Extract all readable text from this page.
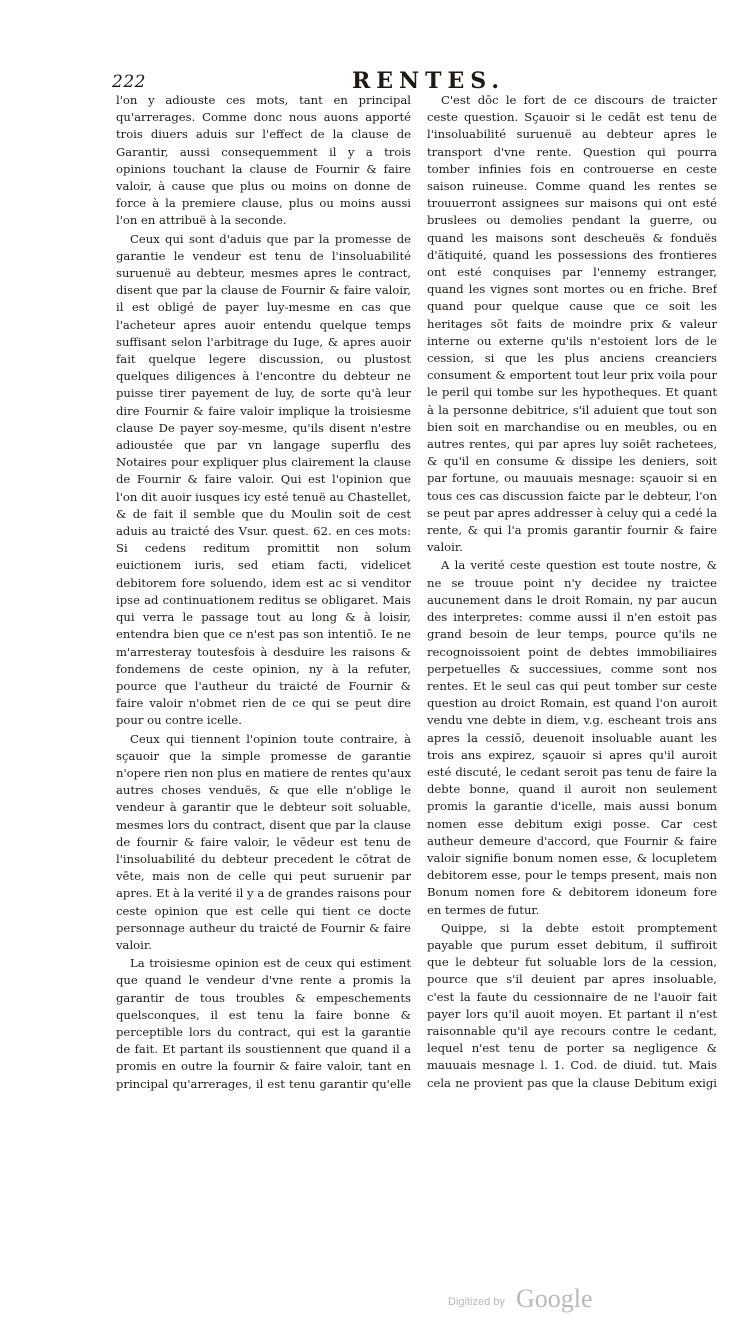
222	RENTES.

l'on y adiouste ces mots, tant en principal qu'arrerages. Comme donc nous auons apporté trois diuers aduis sur l'effect de la clause de Garantir, aussi consequemment il y a trois opinions touchant la clause de Fournir & faire valoir, à cause que plus ou moins on donne de force à la premiere clause, plus ou moins aussi l'on en attribuë à la seconde.

Ceux qui sont d'aduis que par la promesse de garantie le vendeur est tenu de l'insoluabilité suruenuë au debteur, mesmes apres le contract, disent que par la clause de Fournir & faire valoir, il est obligé de payer luy-mesme en cas que l'acheteur apres auoir entendu quelque temps suffisant selon l'arbitrage du Iuge, & apres auoir fait quelque legere discussion, ou plustost quelques diligences à l'encontre du debteur ne puisse tirer payement de luy, de sorte qu'à leur dire Fournir & faire valoir implique la troisiesme clause De payer soy-mesme, qu'ils disent n'estre adioustée que par vn langage superflu des Notaires pour expliquer plus clairement la clause de Fournir & faire valoir. Qui est l'opinion que l'on dit auoir iusques icy esté tenuë au Chastellet, & de fait il semble que du Moulin soit de cest aduis au traicté des Vsur. quest. 62. en ces mots: Si cedens reditum promittit non solum euictionem iuris, sed etiam facti, videlicet debitorem fore soluendo, idem est ac si venditor ipse ad continuationem reditus se obligaret. Mais qui verra le passage tout au long & à loisir, entendra bien que ce n'est pas son intentiō. Ie ne m'arresteray toutesfois à desduire les raisons & fondemens de ceste opinion, ny à la refuter, pource que l'autheur du traicté de Fournir & faire valoir n'obmet rien de ce qui se peut dire pour ou contre icelle.

Ceux qui tiennent l'opinion toute contraire, à sçauoir que la simple promesse de garantie n'opere rien non plus en matiere de rentes qu'aux autres choses venduës, & que elle n'oblige le vendeur à garantir que le debteur soit soluable, mesmes lors du contract, disent que par la clause de fournir & faire valoir, le vēdeur est tenu de l'insoluabilité du debteur precedent le cōtrat de vēte, mais non de celle qui peut suruenir par apres. Et à la verité il y a de grandes raisons pour ceste opinion que est celle qui tient ce docte personnage autheur du traicté de Fournir & faire valoir.

La troisiesme opinion est de ceux qui estiment que quand le vendeur d'vne rente a promis la garantir de tous troubles & empeschements quelsconques, il est tenu la faire bonne & perceptible lors du contract, qui est la garantie de fait. Et partant ils soustiennent que quand il a promis en outre la fournir & faire valoir, tant en principal qu'arrerages, il est tenu garantir qu'elle

C'est dōc le fort de ce discours de traicter ceste question. Sçauoir si le cedāt est tenu de l'insoluabilité suruenuë au debteur apres le transport d'vne rente. Question qui pourra tomber infinies fois en controuerse en ceste saison ruineuse. Comme quand les rentes se trouuerront assignees sur maisons qui ont esté bruslees ou demolies pendant la guerre, ou quand les maisons sont descheuës & fonduës d'ãtiquité, quand les possessions des frontieres ont esté conquises par l'ennemy estranger, quand les vignes sont mortes ou en friche. Bref quand pour quelque cause que ce soit les heritages sōt faits de moindre prix & valeur interne ou externe qu'ils n'estoient lors de le cession, si que les plus anciens creanciers consument & emportent tout leur prix voila pour le peril qui tombe sur les hypotheques. Et quant à la personne debitrice, s'il aduient que tout son bien soit en marchandise ou en meubles, ou en autres rentes, qui par apres luy soiēt rachetees, & qu'il en consume & dissipe les deniers, soit par fortune, ou mauuais mesnage: sçauoir si en tous ces cas discussion faicte par le debteur, l'on se peut par apres addresser à celuy qui a cedé la rente, & qui l'a promis garantir fournir & faire valoir.

A la verité ceste question est toute nostre, & ne se trouue point n'y decidee ny traictee aucunement dans le droit Romain, ny par aucun des interpretes: comme aussi il n'en estoit pas grand besoin de leur temps, pource qu'ils ne recognoissoient point de debtes immobiliaires perpetuelles & successiues, comme sont nos rentes. Et le seul cas qui peut tomber sur ceste question au droict Romain, est quand l'on auroit vendu vne debte in diem, v.g. escheant trois ans apres la cessiō, deuenoit insoluable auant les trois ans expirez, sçauoir si apres qu'il auroit esté discuté, le cedant seroit pas tenu de faire la debte bonne, quand il auroit non seulement promis la garantie d'icelle, mais aussi bonum nomen esse debitum exigi posse. Car cest autheur demeure d'accord, que Fournir & faire valoir signifie bonum nomen esse, & locupletem debitorem esse, pour le temps present, mais non Bonum nomen fore & debitorem idoneum fore en termes de futur.

Quippe, si la debte estoit promptement payable que purum esset debitum, il suffiroit que le debteur fut soluable lors de la cession, pource que s'il deuient par apres insoluable, c'est la faute du cessionnaire de ne l'auoir fait payer lors qu'il auoit moyen. Et partant il n'est raisonnable qu'il aye recours contre le cedant, lequel n'est tenu de porter sa negligence & mauuais mesnage l. 1. Cod. de diuid. tut. Mais cela ne provient pas que la clause Debitum exigi

Digitized by Google
